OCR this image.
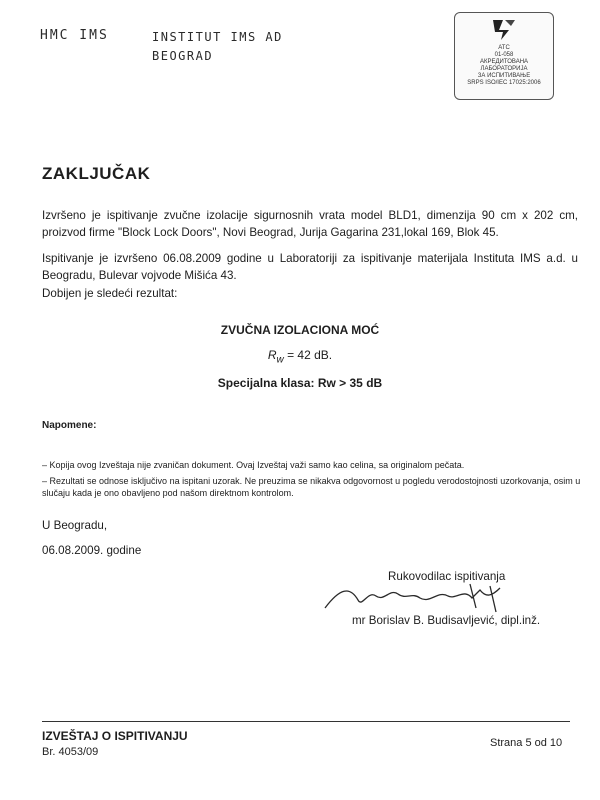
HMC IMS	INSTITUT IMS AD
BEOGRAD
ATC
01-058
АКРЕДИТОВАНА
ЛАБОРАТОРИЈА
ЗА ИСПИТИВАЊЕ
SRPS ISO/IEC 17025:2006
ZAKLJUČAK
Izvršeno je ispitivanje zvučne izolacije sigurnosnih vrata model BLD1, dimenzija 90 cm x 202 cm, proizvod firme "Block Lock Doors", Novi Beograd, Jurija Gagarina 231,lokal 169, Blok 45.
Ispitivanje je izvršeno 06.08.2009 godine u Laboratoriji za ispitivanje materijala Instituta IMS a.d. u Beogradu, Bulevar vojvode Mišića 43.
Dobijen je sledeći rezultat:
ZVUČNA IZOLACIONA MOĆ
$R_w = 42$ dB.
Specijalna klasa: Rw > 35 dB
Napomene:
– Kopija ovog Izveštaja nije zvaničan dokument. Ovaj Izveštaj važi samo kao celina, sa originalom pečata.
– Rezultati se odnose isključivo na ispitani uzorak. Ne preuzima se nikakva odgovornost u pogledu verodostojnosti uzorkovanja, osim u slučaju kada je ono obavljeno pod našom direktnom kontrolom.
U Beogradu,
06.08.2009. godine
Rukovodilac ispitivanja
mr Borislav B. Budisavljević, dipl.inž.
IZVEŠTAJ O ISPITIVANJU
Br. 4053/09
Strana 5 od 10
